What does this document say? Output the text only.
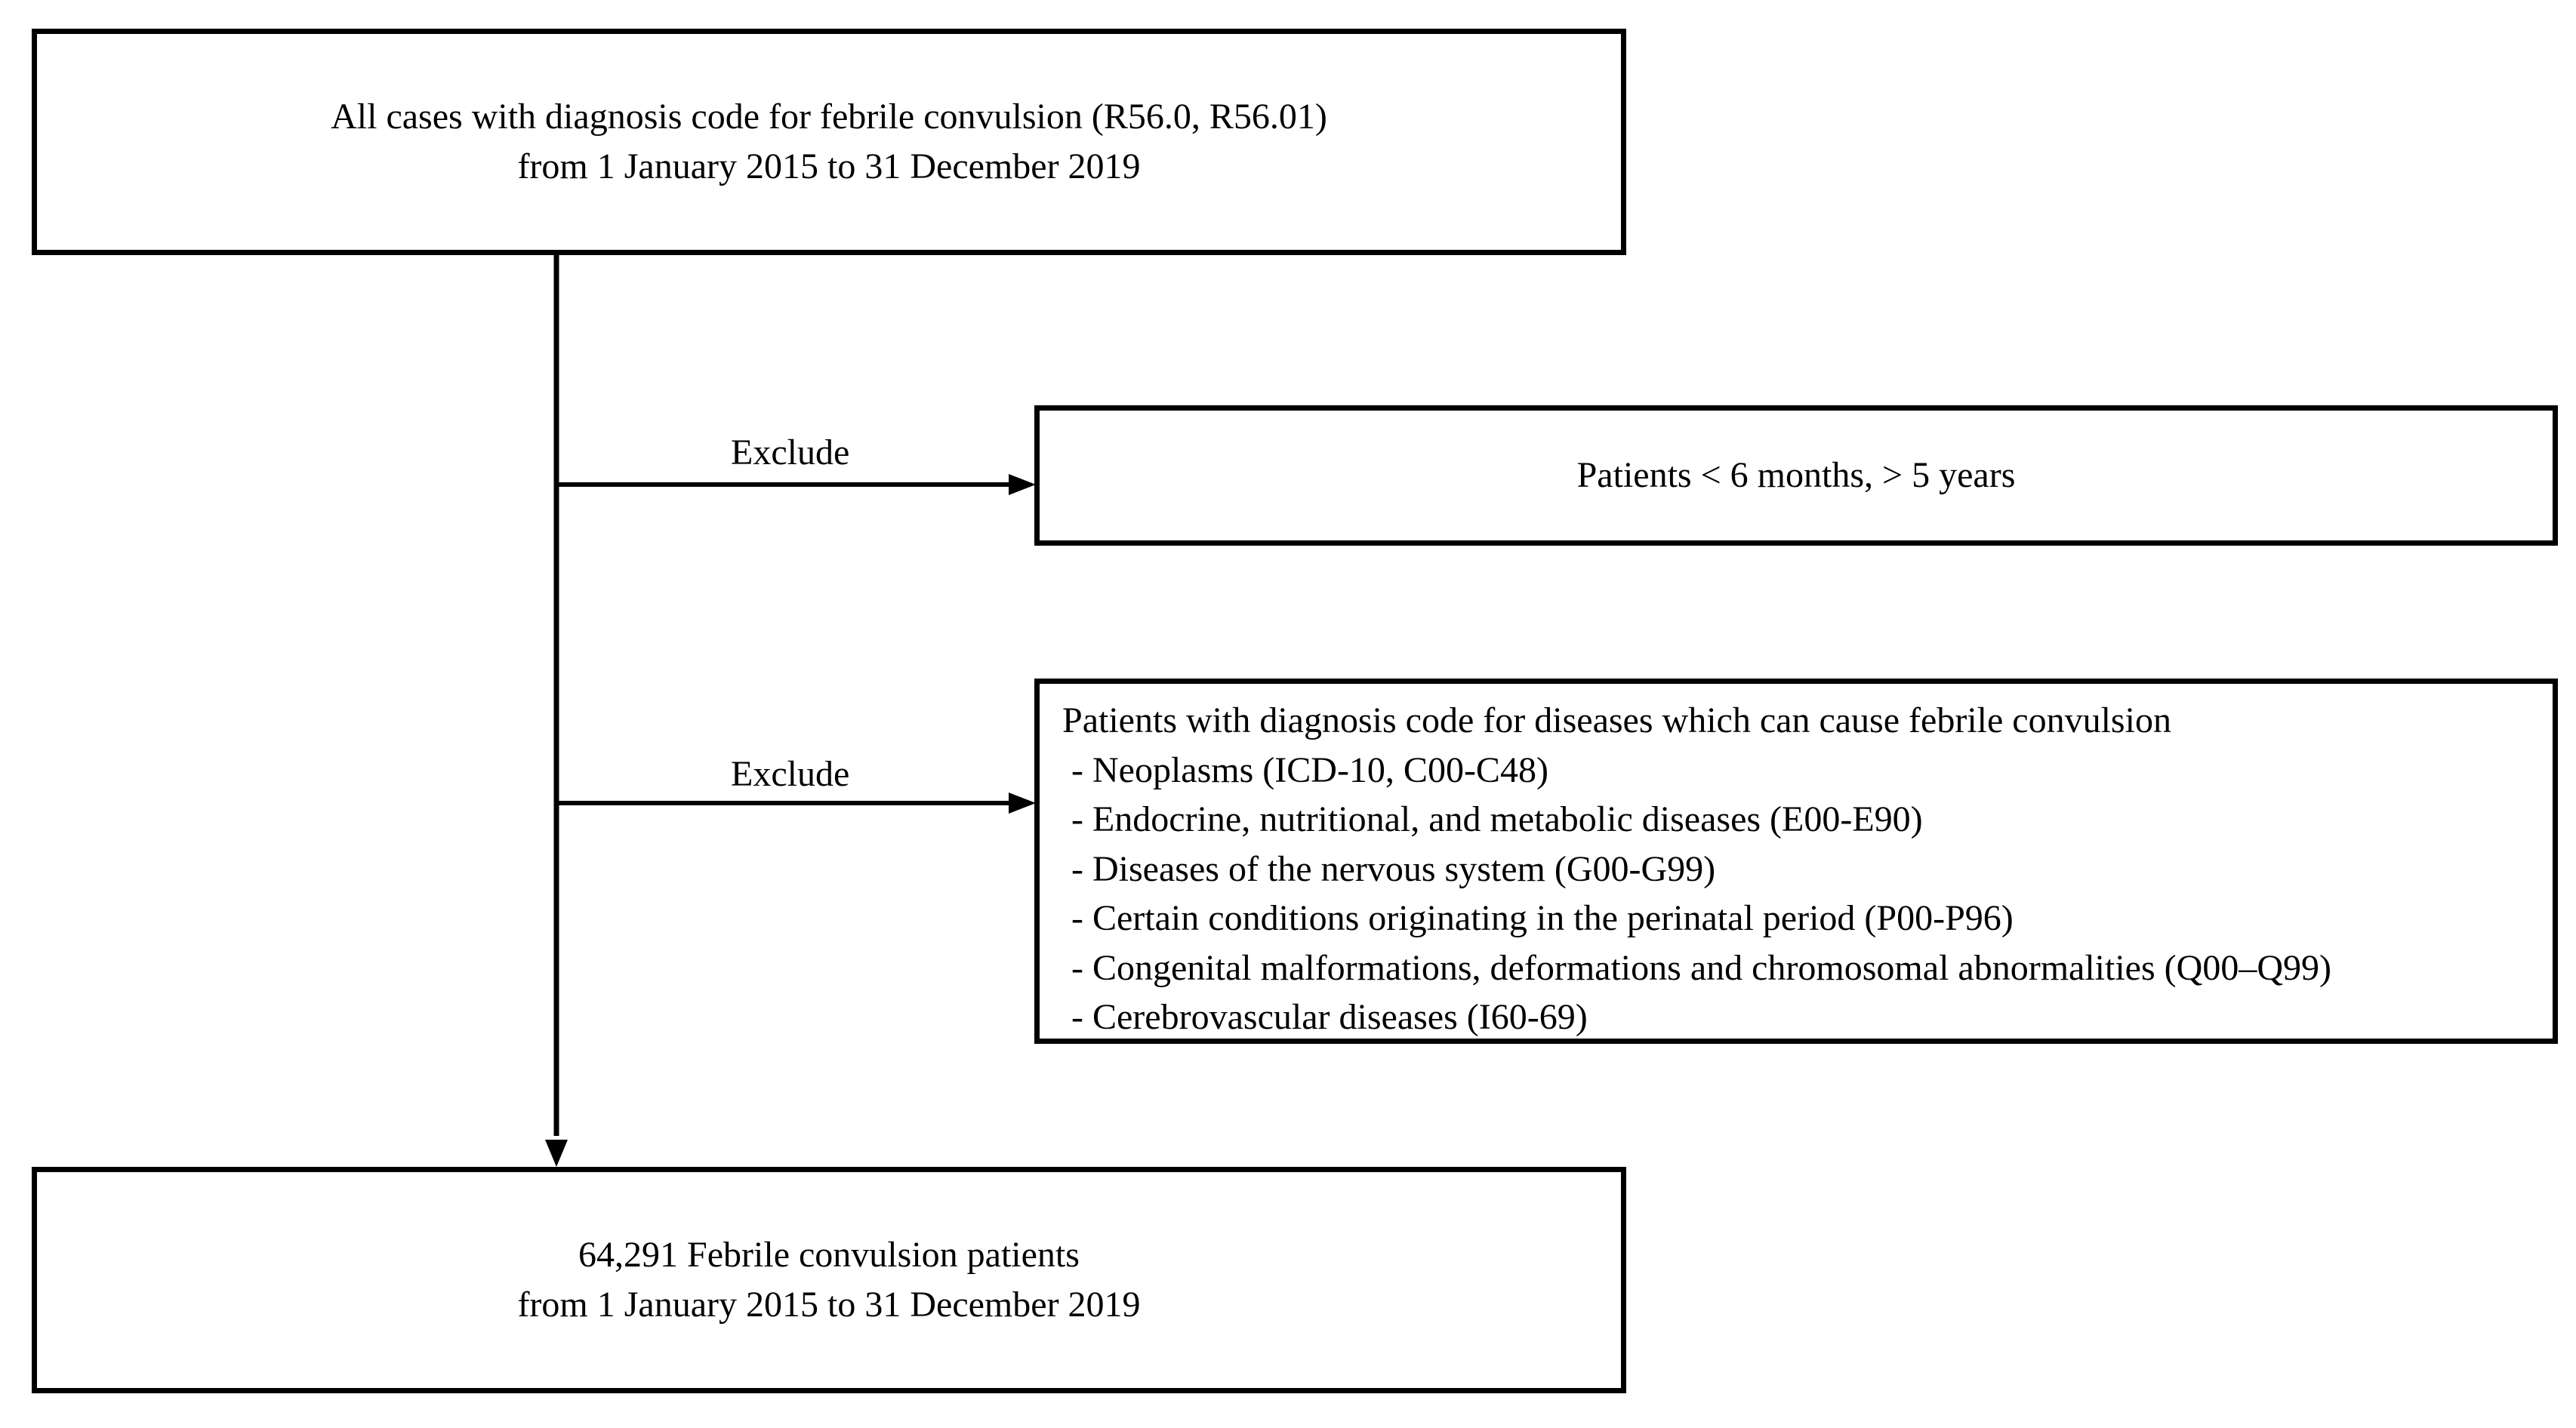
All cases with diagnosis code for febrile convulsion (R56.0, R56.01)
from 1 January 2015 to 31 December 2019
Exclude
Patients < 6 months, > 5 years
Exclude
Patients with diagnosis code for diseases which can cause febrile convulsion
- Neoplasms (ICD-10, C00-C48)
- Endocrine, nutritional, and metabolic diseases (E00-E90)
- Diseases of the nervous system (G00-G99)
- Certain conditions originating in the perinatal period (P00-P96)
- Congenital malformations, deformations and chromosomal abnormalities (Q00–Q99)
- Cerebrovascular diseases (I60-69)
64,291 Febrile convulsion patients
from 1 January 2015 to 31 December 2019
